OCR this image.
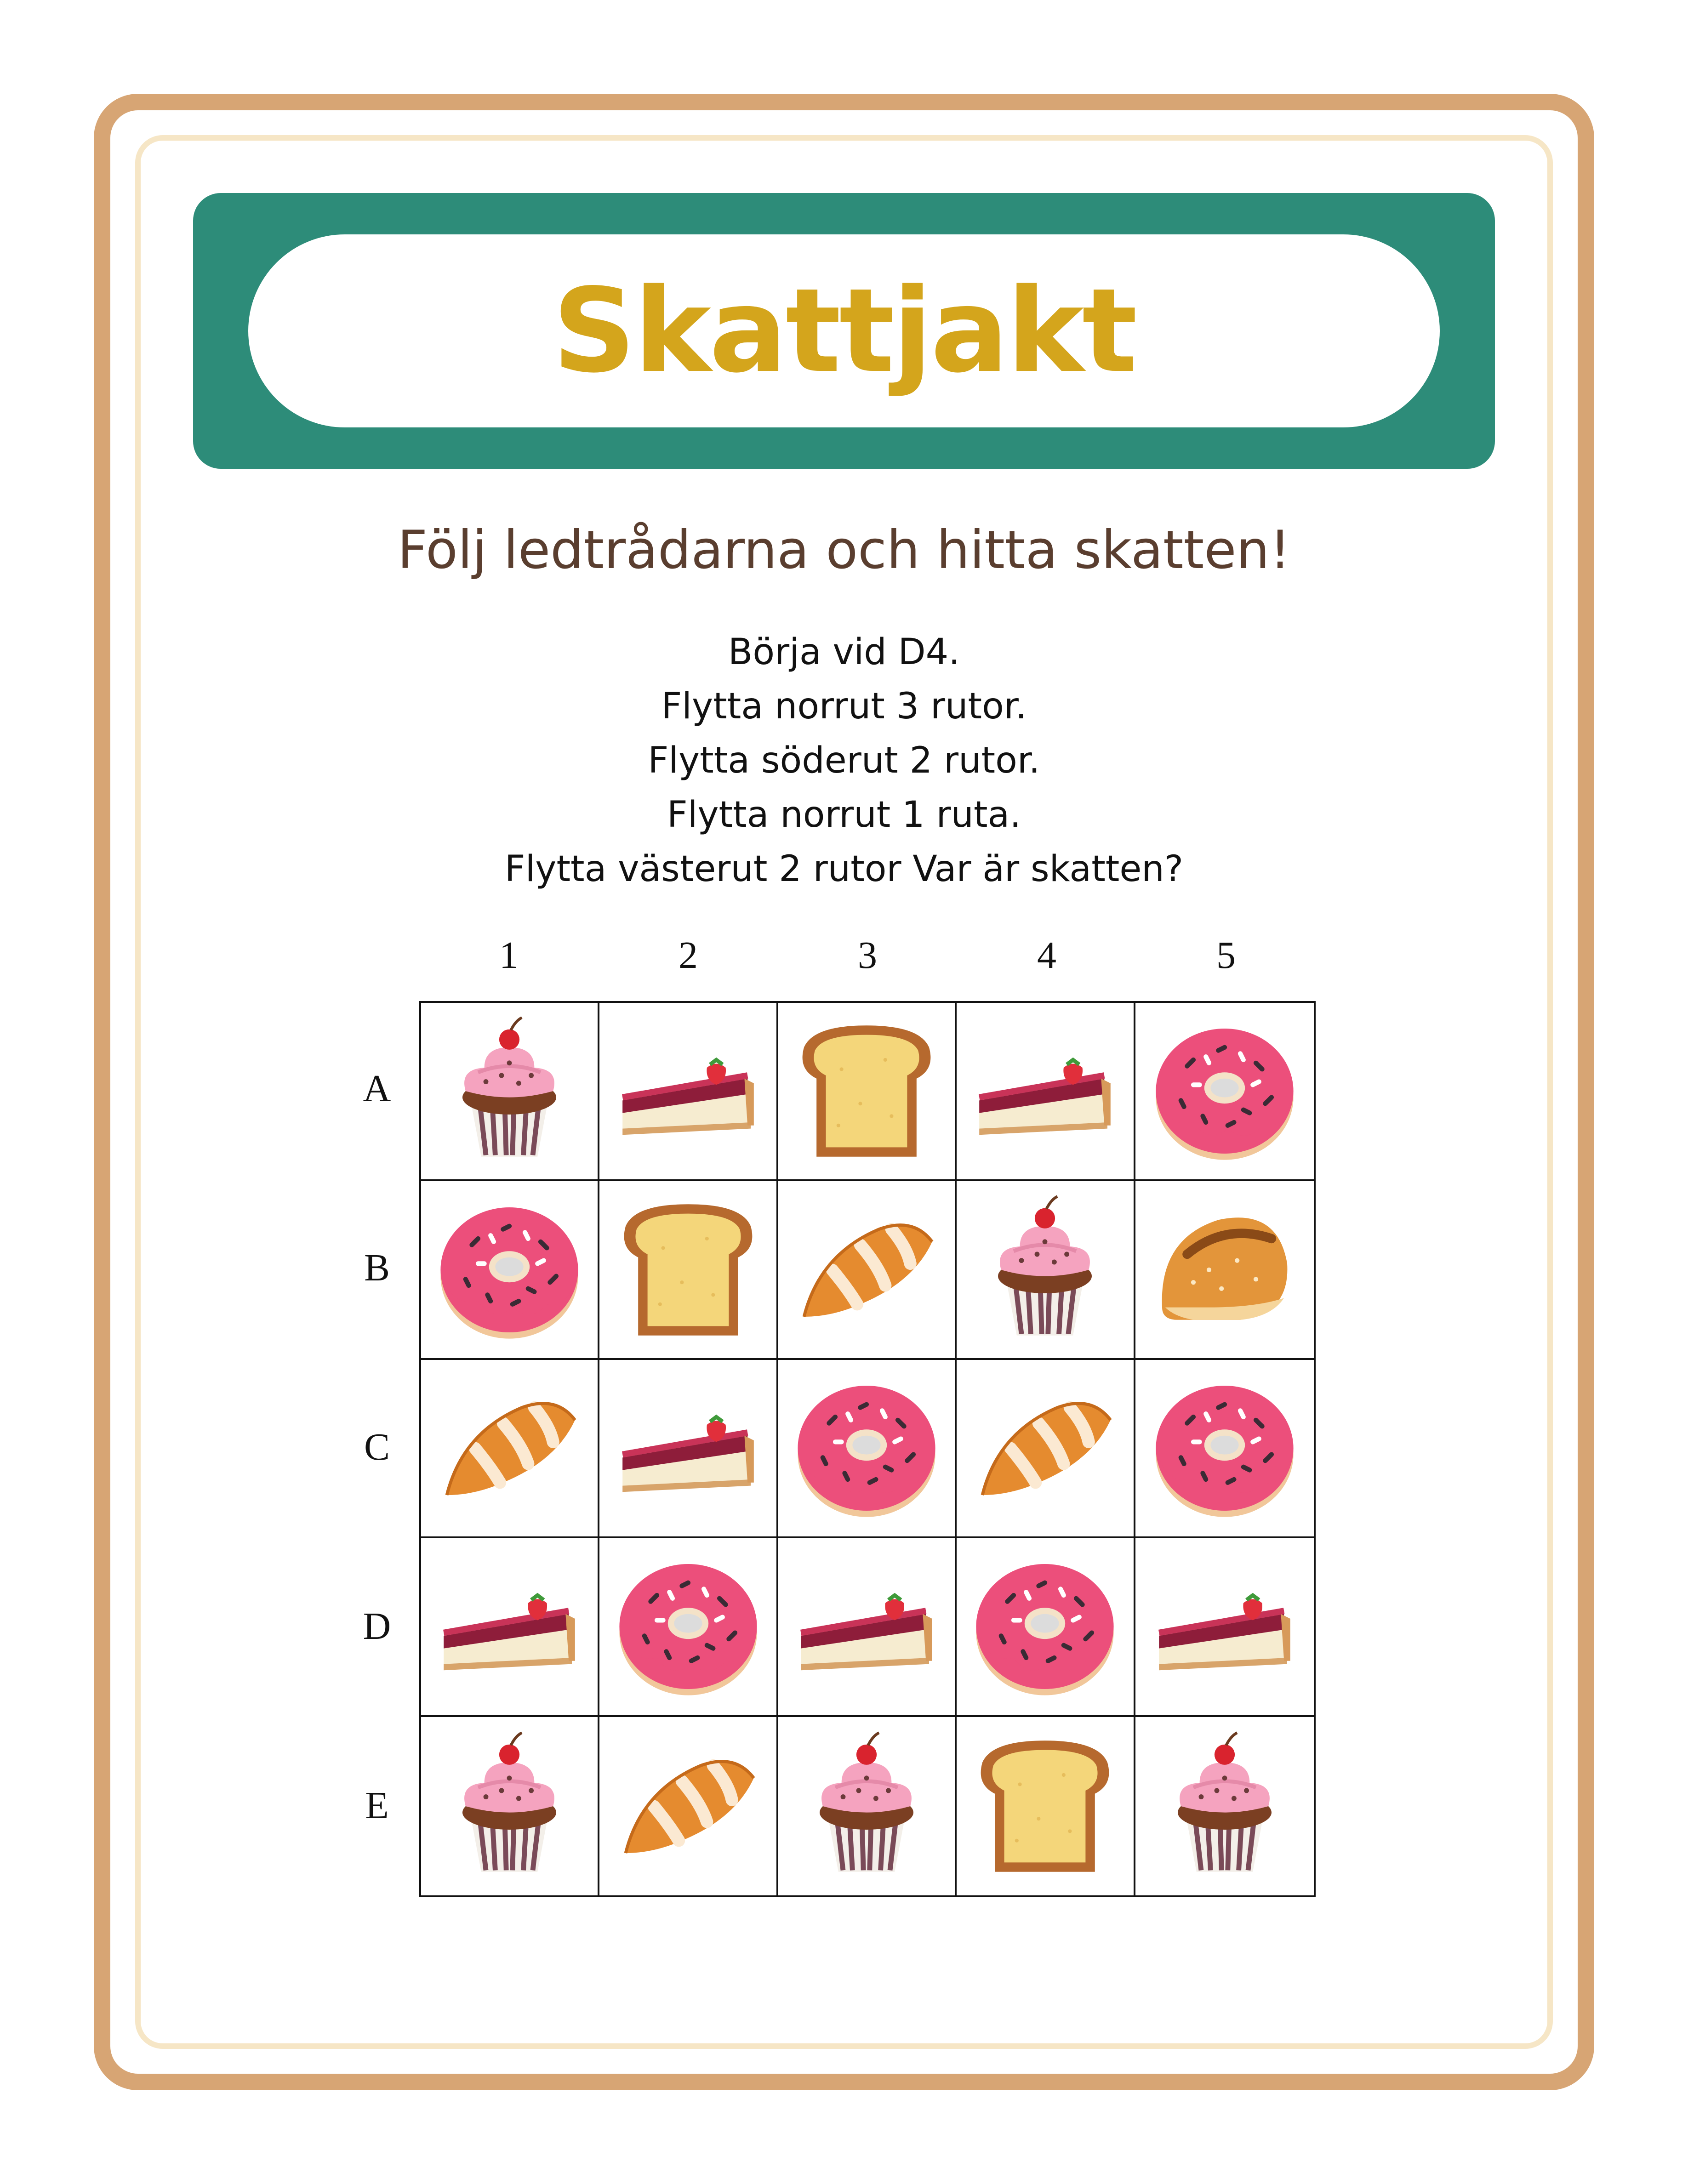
Skattjakt
Följ ledtrådarna och hitta skatten!
Börja vid D4.
Flytta norrut 3 rutor.
Flytta söderut 2 rutor.
Flytta norrut 1 ruta.
Flytta västerut 2 rutor Var är skatten?
1	2	3	4	5
A
B
C
D
E
